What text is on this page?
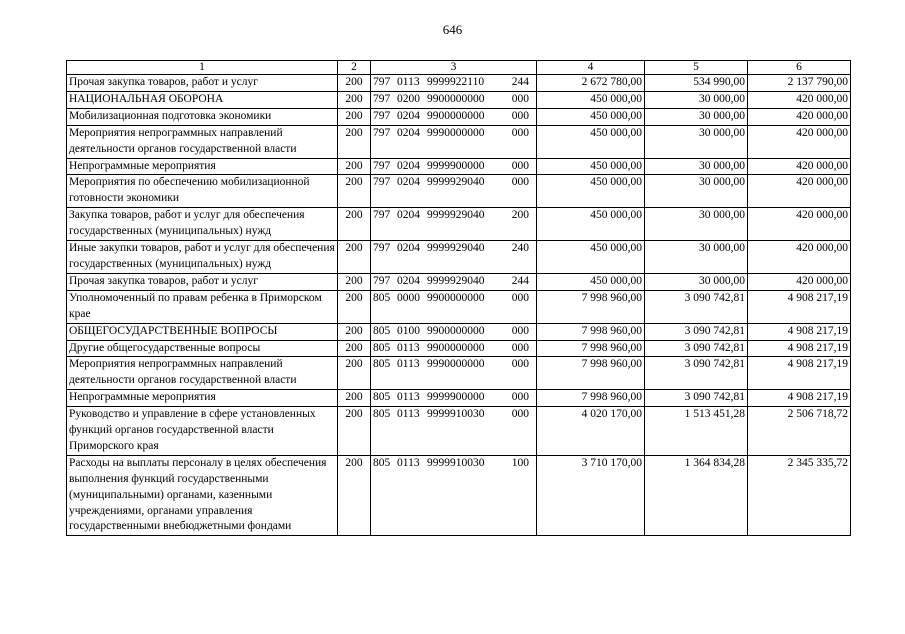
646
1	2	3	4	5	6
Прочая закупка товаров, работ и услуг	200	797 0113 9999922110 244	2 672 780,00	534 990,00	2 137 790,00
НАЦИОНАЛЬНАЯ ОБОРОНА	200	797 0200 9900000000 000	450 000,00	30 000,00	420 000,00
Мобилизационная подготовка экономики	200	797 0204 9900000000 000	450 000,00	30 000,00	420 000,00
Мероприятия непрограммных направлений деятельности органов государственной власти	200	797 0204 9990000000 000	450 000,00	30 000,00	420 000,00
Непрограммные мероприятия	200	797 0204 9999900000 000	450 000,00	30 000,00	420 000,00
Мероприятия по обеспечению мобилизационной готовности экономики	200	797 0204 9999929040 000	450 000,00	30 000,00	420 000,00
Закупка товаров, работ и услуг для обеспечения государственных (муниципальных) нужд	200	797 0204 9999929040 200	450 000,00	30 000,00	420 000,00
Иные закупки товаров, работ и услуг для обеспечения государственных (муниципальных) нужд	200	797 0204 9999929040 240	450 000,00	30 000,00	420 000,00
Прочая закупка товаров, работ и услуг	200	797 0204 9999929040 244	450 000,00	30 000,00	420 000,00
Уполномоченный по правам ребенка в Приморском крае	200	805 0000 9900000000 000	7 998 960,00	3 090 742,81	4 908 217,19
ОБЩЕГОСУДАРСТВЕННЫЕ ВОПРОСЫ	200	805 0100 9900000000 000	7 998 960,00	3 090 742,81	4 908 217,19
Другие общегосударственные вопросы	200	805 0113 9900000000 000	7 998 960,00	3 090 742,81	4 908 217,19
Мероприятия непрограммных направлений деятельности органов государственной власти	200	805 0113 9990000000 000	7 998 960,00	3 090 742,81	4 908 217,19
Непрограммные мероприятия	200	805 0113 9999900000 000	7 998 960,00	3 090 742,81	4 908 217,19
Руководство и управление в сфере установленных функций органов государственной власти Приморского края	200	805 0113 9999910030 000	4 020 170,00	1 513 451,28	2 506 718,72
Расходы на выплаты персоналу в целях обеспечения выполнения функций государственными (муниципальными) органами, казенными учреждениями, органами управления государственными внебюджетными фондами	200	805 0113 9999910030 100	3 710 170,00	1 364 834,28	2 345 335,72
